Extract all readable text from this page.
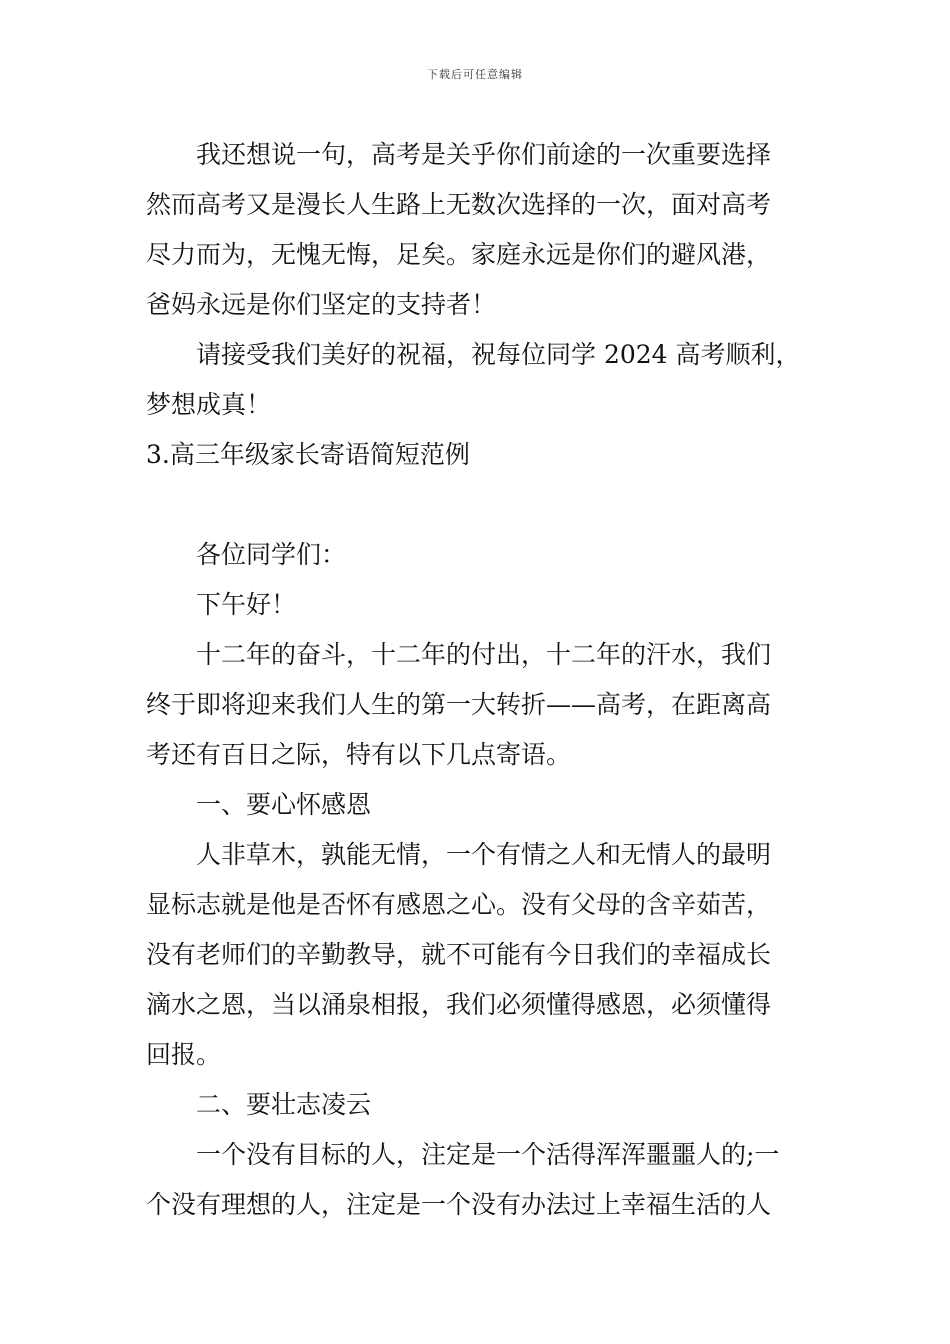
下载后可任意编辑

我还想说一句，高考是关乎你们前途的一次重要选择

然而高考又是漫长人生路上无数次选择的一次，面对高考

尽力而为，无愧无悔，足矣。家庭永远是你们的避风港，

爸妈永远是你们坚定的支持者！

请接受我们美好的祝福，祝每位同学 2024 高考顺利，

梦想成真！

3.高三年级家长寄语简短范例

各位同学们：

下午好！

十二年的奋斗，十二年的付出，十二年的汗水，我们

终于即将迎来我们人生的第一大转折——高考，在距离高

考还有百日之际，特有以下几点寄语。

一、要心怀感恩

人非草木，孰能无情，一个有情之人和无情人的最明

显标志就是他是否怀有感恩之心。没有父母的含辛茹苦，

没有老师们的辛勤教导，就不可能有今日我们的幸福成长

滴水之恩，当以涌泉相报，我们必须懂得感恩，必须懂得

回报。

二、要壮志凌云

一个没有目标的人，注定是一个活得浑浑噩噩人的;一

个没有理想的人，注定是一个没有办法过上幸福生活的人
